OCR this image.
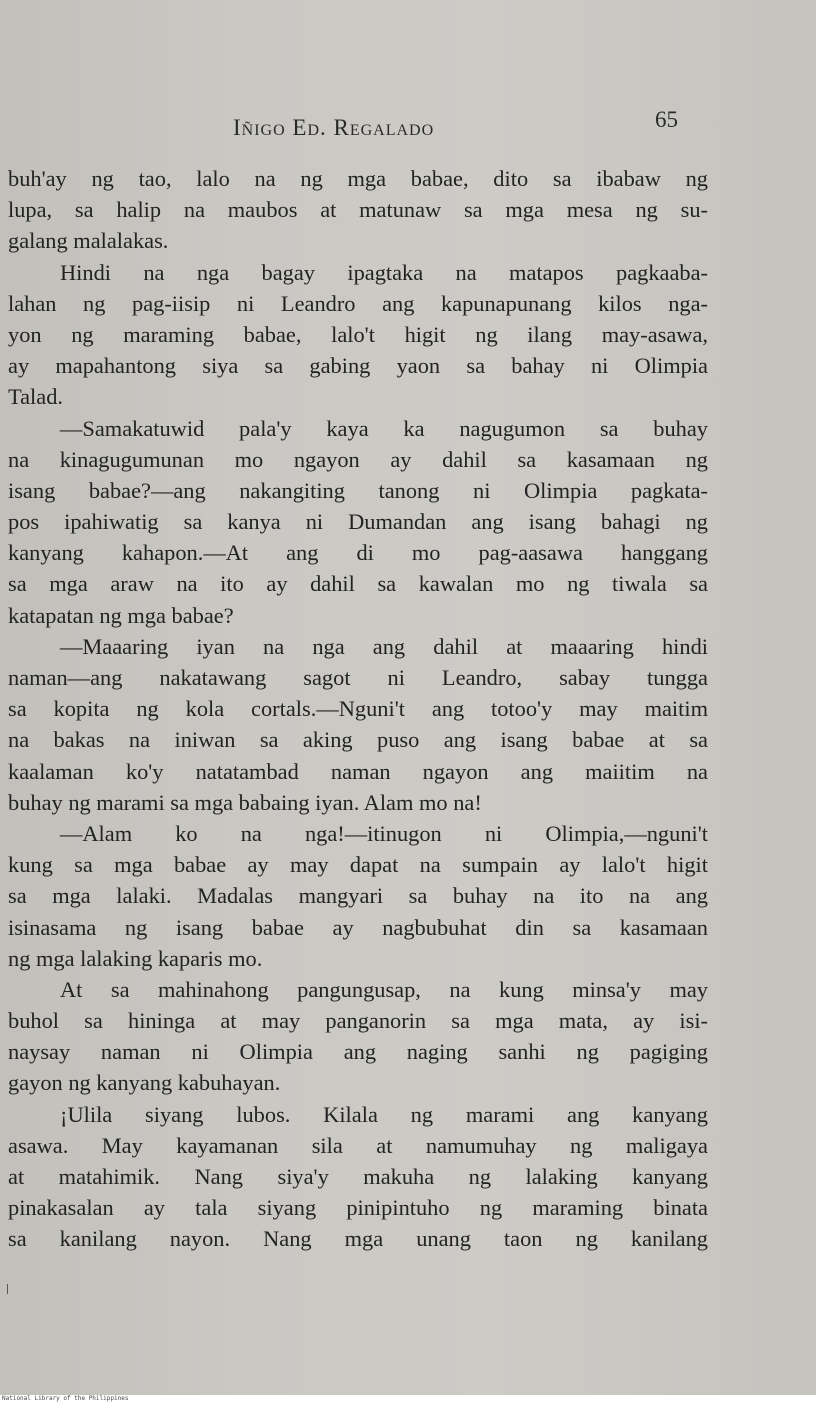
Iñigo Ed. Regalado	65
buh'ay ng tao, lalo na ng mga babae, dito sa ibabaw ng
lupa, sa halip na maubos at matunaw sa mga mesa ng su-
galang malalakas.
Hindi na nga bagay ipagtaka na matapos pagkaaba-
lahan ng pag-iisip ni Leandro ang kapunapunang kilos nga-
yon ng maraming babae, lalo't higit ng ilang may-asawa,
ay mapahantong siya sa gabing yaon sa bahay ni Olimpia
Talad.
—Samakatuwid pala'y kaya ka nagugumon sa buhay
na kinagugumunan mo ngayon ay dahil sa kasamaan ng
isang babae?—ang nakangiting tanong ni Olimpia pagkata-
pos ipahiwatig sa kanya ni Dumandan ang isang bahagi ng
kanyang kahapon.—At ang di mo pag-aasawa hanggang
sa mga araw na ito ay dahil sa kawalan mo ng tiwala sa
katapatan ng mga babae?
—Maaaring iyan na nga ang dahil at maaaring hindi
naman—ang nakatawang sagot ni Leandro, sabay tungga
sa kopita ng kola cortals.—Nguni't ang totoo'y may maitim
na bakas na iniwan sa aking puso ang isang babae at sa
kaalaman ko'y natatambad naman ngayon ang maiitim na
buhay ng marami sa mga babaing iyan. Alam mo na!
—Alam ko na nga!—itinugon ni Olimpia,—nguni't
kung sa mga babae ay may dapat na sumpain ay lalo't higit
sa mga lalaki. Madalas mangyari sa buhay na ito na ang
isinasama ng isang babae ay nagbubuhat din sa kasamaan
ng mga lalaking kaparis mo.
At sa mahinahong pangungusap, na kung minsa'y may
buhol sa hininga at may panganorin sa mga mata, ay isi-
naysay naman ni Olimpia ang naging sanhi ng pagiging
gayon ng kanyang kabuhayan.
¡Ulila siyang lubos. Kilala ng marami ang kanyang
asawa. May kayamanan sila at namumuhay ng maligaya
at matahimik. Nang siya'y makuha ng lalaking kanyang
pinakasalan ay tala siyang pinipintuho ng maraming binata
sa kanilang nayon. Nang mga unang taon ng kanilang
National Library of the Philippines
